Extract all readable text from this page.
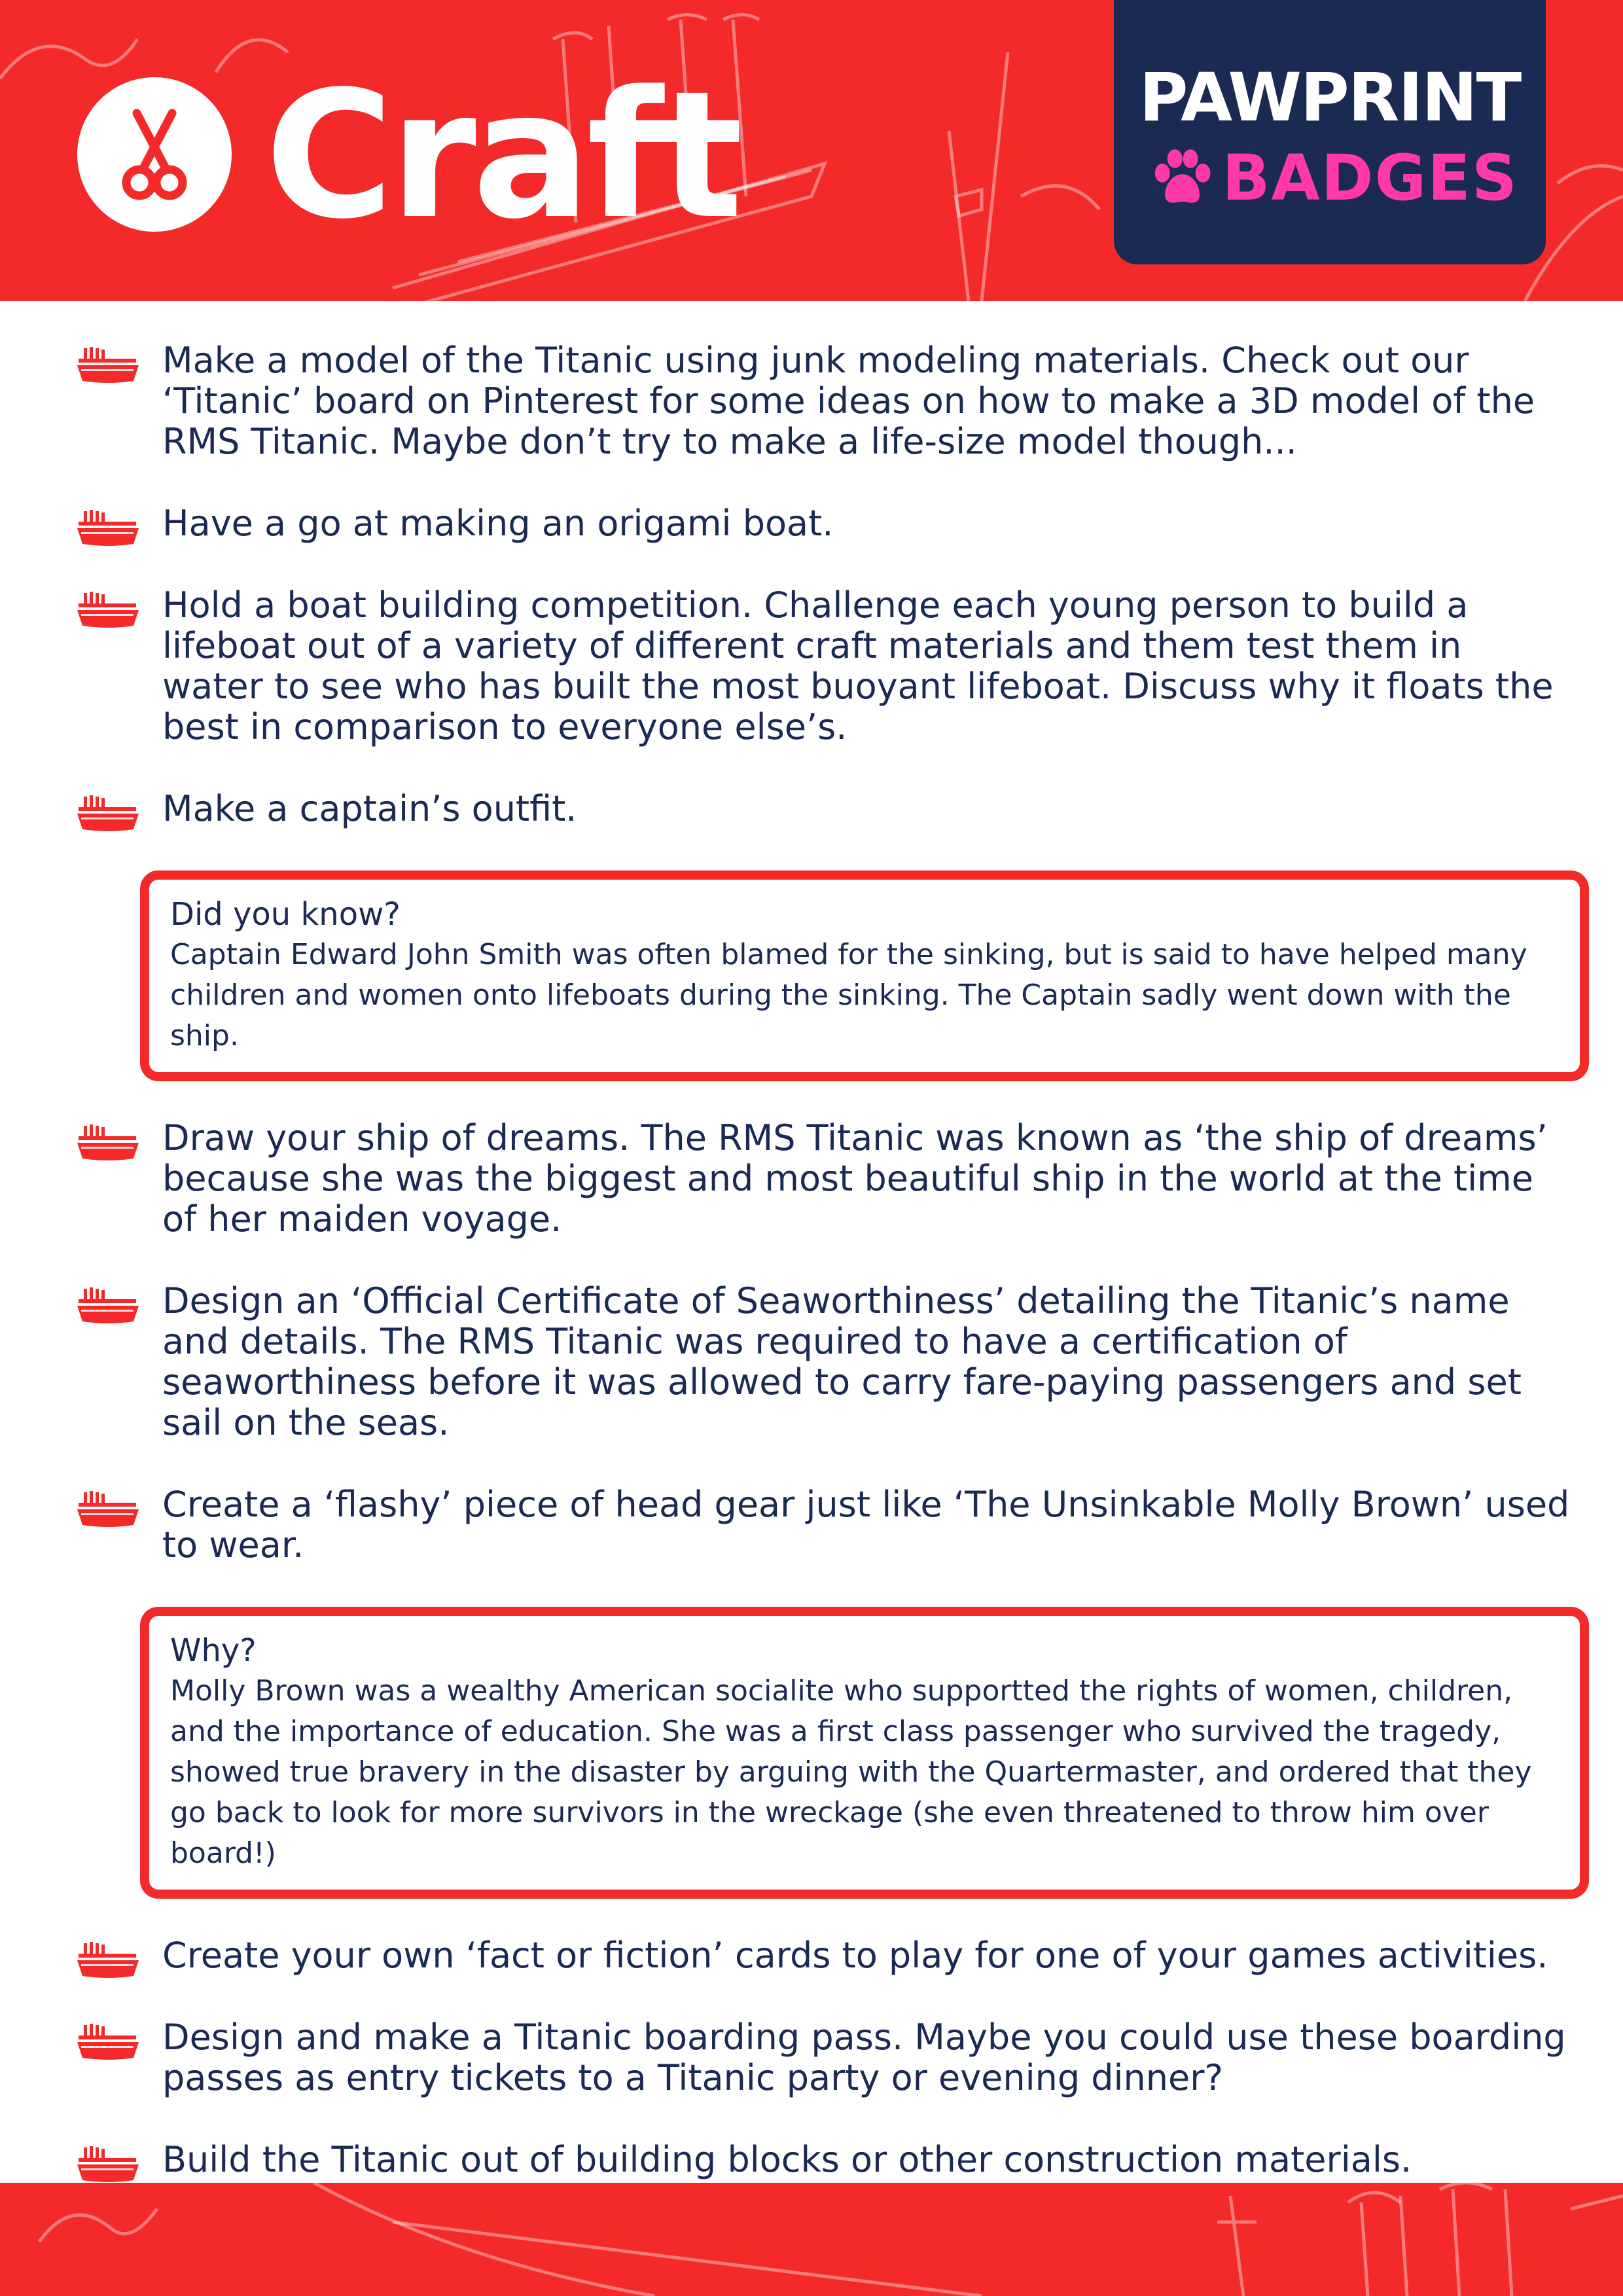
Craft	PAWPRINT
BADGES
Make a model of the Titanic using junk modeling materials. Check out our ‘Titanic’ board on Pinterest for some ideas on how to make a 3D model of the RMS Titanic. Maybe don’t try to make a life-size model though...
Have a go at making an origami boat.
Hold a boat building competition. Challenge each young person to build a lifeboat out of a variety of different craft materials and them test them in water to see who has built the most buoyant lifeboat. Discuss why it floats the best in comparison to everyone else’s.
Make a captain’s outfit.
Did you know?
Captain Edward John Smith was often blamed for the sinking, but is said to have helped many children and women onto lifeboats during the sinking. The Captain sadly went down with the ship.
Draw your ship of dreams. The RMS Titanic was known as ‘the ship of dreams’ because she was the biggest and most beautiful ship in the world at the time of her maiden voyage.
Design an ‘Official Certificate of Seaworthiness’ detailing the Titanic’s name and details. The RMS Titanic was required to have a certification of seaworthiness before it was allowed to carry fare-paying passengers and set sail on the seas.
Create a ‘flashy’ piece of head gear just like ‘The Unsinkable Molly Brown’ used to wear.
Why?
Molly Brown was a wealthy American socialite who supportted the rights of women, children, and the importance of education. She was a first class passenger who survived the tragedy, showed true bravery in the disaster by arguing with the Quartermaster, and ordered that they go back to look for more survivors in the wreckage (she even threatened to throw him over board!)
Create your own ‘fact or fiction’ cards to play for one of your games activities.
Design and make a Titanic boarding pass. Maybe you could use these boarding passes as entry tickets to a Titanic party or evening dinner?
Build the Titanic out of building blocks or other construction materials.
